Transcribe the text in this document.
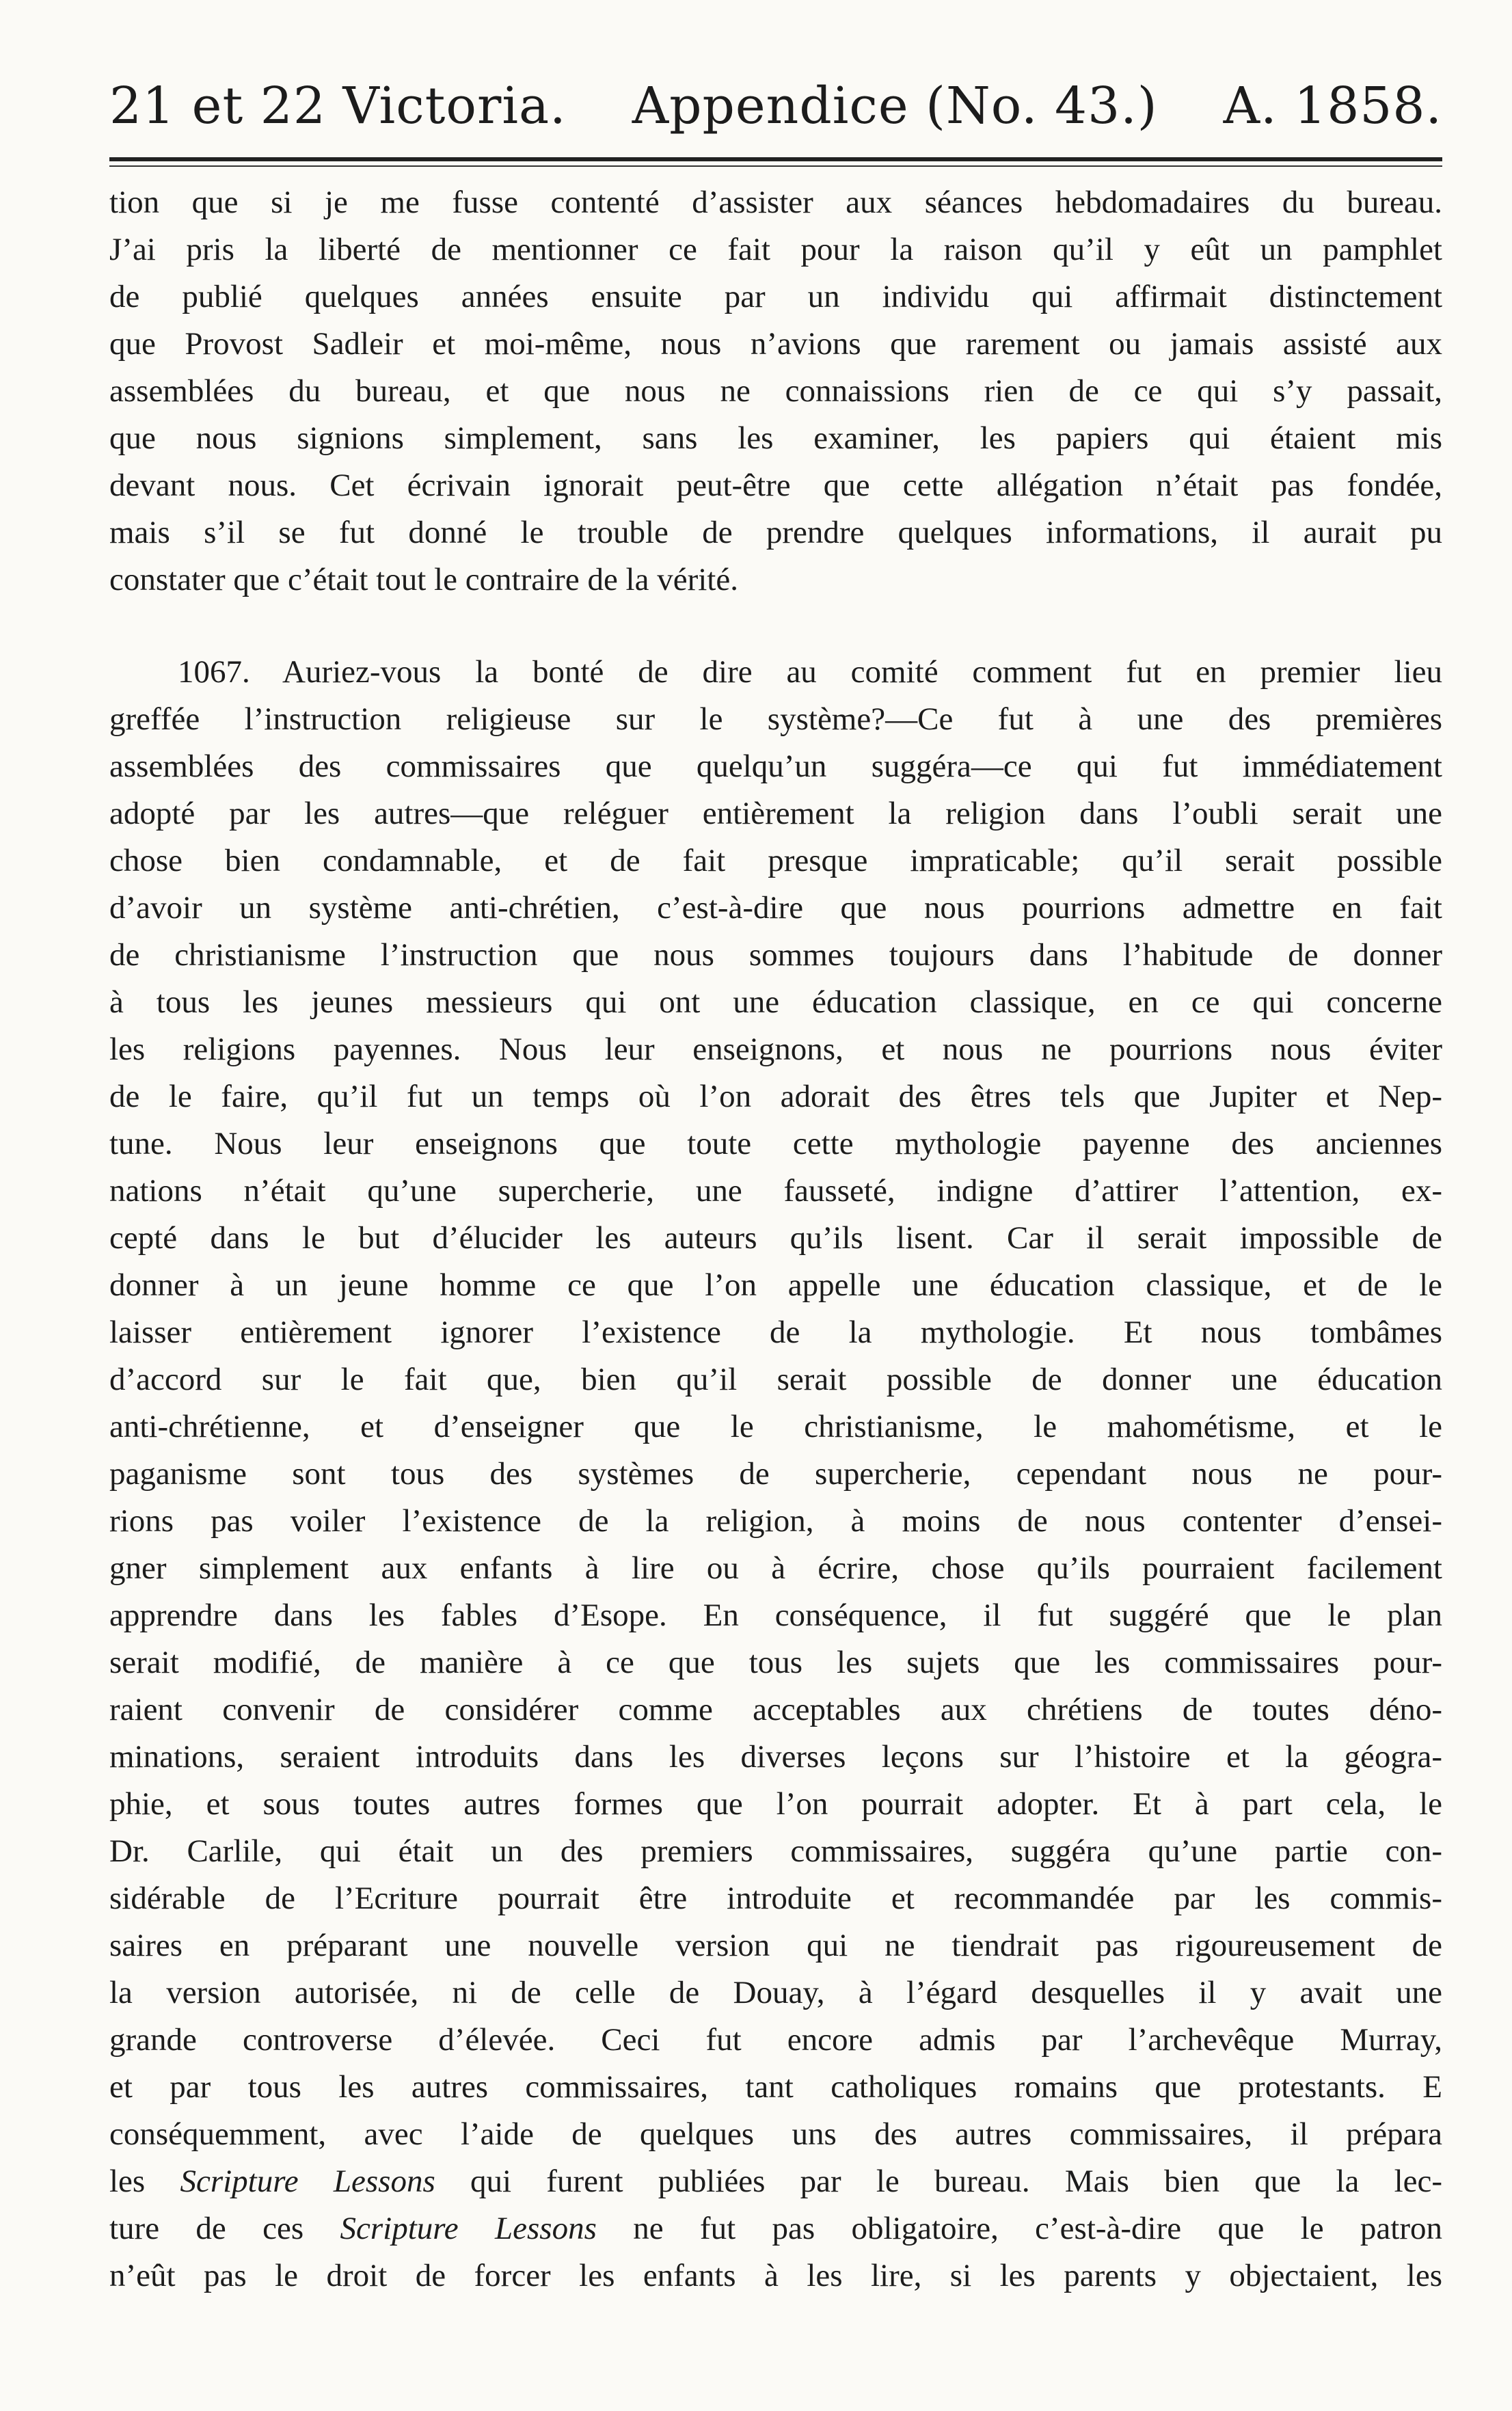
21 et 22 Victoria. Appendice (No. 43.) A. 1858.
tion que si je me fusse contenté d’assister aux séances hebdomadaires du bureau.
J’ai pris la liberté de mentionner ce fait pour la raison qu’il y eût un pamphlet
de publié quelques années ensuite par un individu qui affirmait distinctement
que Provost Sadleir et moi-même, nous n’avions que rarement ou jamais assisté aux
assemblées du bureau, et que nous ne connaissions rien de ce qui s’y passait,
que nous signions simplement, sans les examiner, les papiers qui étaient mis
devant nous. Cet écrivain ignorait peut-être que cette allégation n’était pas fondée,
mais s’il se fut donné le trouble de prendre quelques informations, il aurait pu
constater que c’était tout le contraire de la vérité.
1067. Auriez-vous la bonté de dire au comité comment fut en premier lieu
greffée l’instruction religieuse sur le système?—Ce fut à une des premières
assemblées des commissaires que quelqu’un suggéra—ce qui fut immédiatement
adopté par les autres—que reléguer entièrement la religion dans l’oubli serait une
chose bien condamnable, et de fait presque impraticable; qu’il serait possible
d’avoir un système anti-chrétien, c’est-à-dire que nous pourrions admettre en fait
de christianisme l’instruction que nous sommes toujours dans l’habitude de donner
à tous les jeunes messieurs qui ont une éducation classique, en ce qui concerne
les religions payennes. Nous leur enseignons, et nous ne pourrions nous éviter
de le faire, qu’il fut un temps où l’on adorait des êtres tels que Jupiter et Nep-
tune. Nous leur enseignons que toute cette mythologie payenne des anciennes
nations n’était qu’une supercherie, une fausseté, indigne d’attirer l’attention, ex-
cepté dans le but d’élucider les auteurs qu’ils lisent. Car il serait impossible de
donner à un jeune homme ce que l’on appelle une éducation classique, et de le
laisser entièrement ignorer l’existence de la mythologie. Et nous tombâmes
d’accord sur le fait que, bien qu’il serait possible de donner une éducation
anti-chrétienne, et d’enseigner que le christianisme, le mahométisme, et le
paganisme sont tous des systèmes de supercherie, cependant nous ne pour-
rions pas voiler l’existence de la religion, à moins de nous contenter d’ensei-
gner simplement aux enfants à lire ou à écrire, chose qu’ils pourraient facilement
apprendre dans les fables d’Esope. En conséquence, il fut suggéré que le plan
serait modifié, de manière à ce que tous les sujets que les commissaires pour-
raient convenir de considérer comme acceptables aux chrétiens de toutes déno-
minations, seraient introduits dans les diverses leçons sur l’histoire et la géogra-
phie, et sous toutes autres formes que l’on pourrait adopter. Et à part cela, le
Dr. Carlile, qui était un des premiers commissaires, suggéra qu’une partie con-
sidérable de l’Ecriture pourrait être introduite et recommandée par les commis-
saires en préparant une nouvelle version qui ne tiendrait pas rigoureusement de
la version autorisée, ni de celle de Douay, à l’égard desquelles il y avait une
grande controverse d’élevée. Ceci fut encore admis par l’archevêque Murray,
et par tous les autres commissaires, tant catholiques romains que protestants. E
conséquemment, avec l’aide de quelques uns des autres commissaires, il prépara
les Scripture Lessons qui furent publiées par le bureau. Mais bien que la lec-
ture de ces Scripture Lessons ne fut pas obligatoire, c’est-à-dire que le patron
n’eût pas le droit de forcer les enfants à les lire, si les parents y objectaient, les
